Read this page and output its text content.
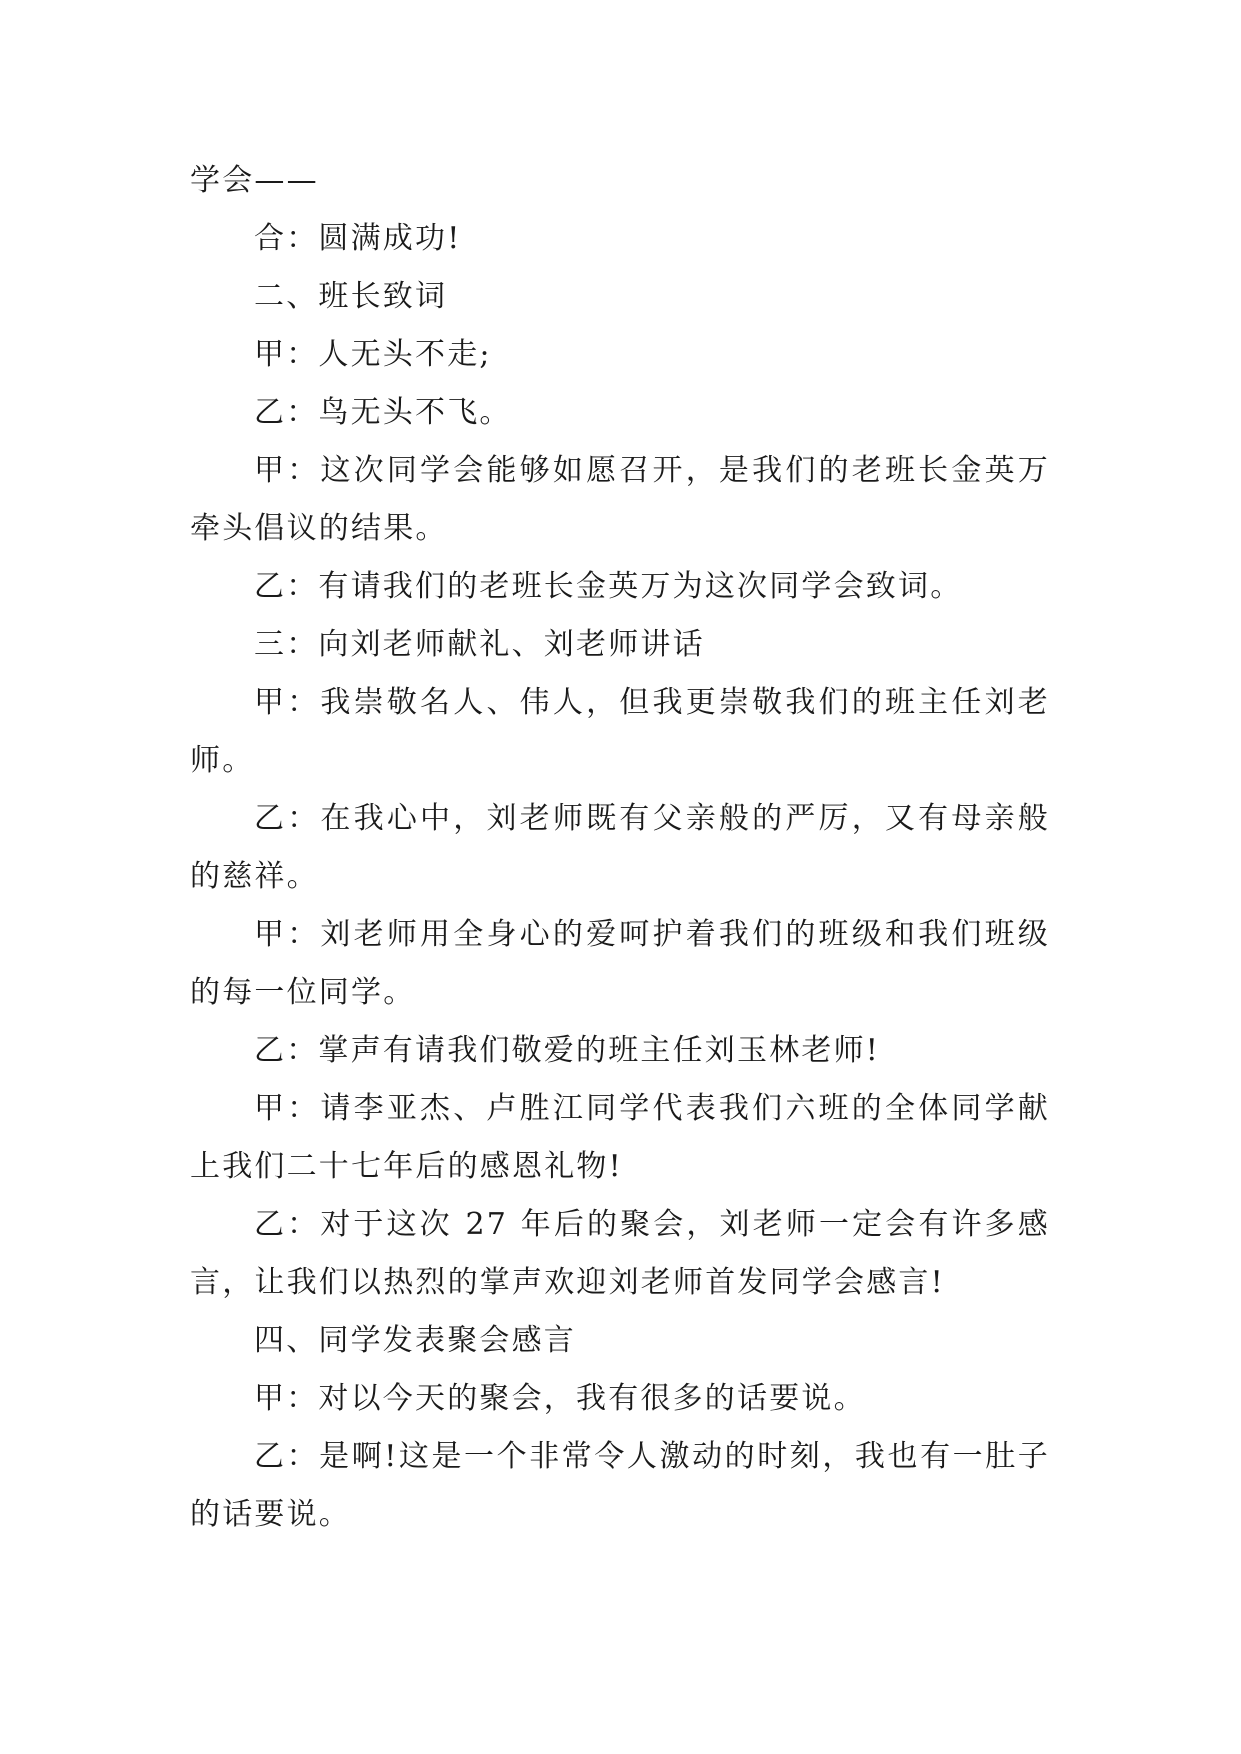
学会——

合：圆满成功!

二、班长致词

甲：人无头不走;

乙：鸟无头不飞。

甲：这次同学会能够如愿召开，是我们的老班长金英万牵头倡议的结果。

乙：有请我们的老班长金英万为这次同学会致词。

三：向刘老师献礼、刘老师讲话

甲：我崇敬名人、伟人，但我更崇敬我们的班主任刘老师。

乙：在我心中，刘老师既有父亲般的严厉，又有母亲般的慈祥。

甲：刘老师用全身心的爱呵护着我们的班级和我们班级的每一位同学。

乙：掌声有请我们敬爱的班主任刘玉林老师!

甲：请李亚杰、卢胜江同学代表我们六班的全体同学献上我们二十七年后的感恩礼物!

乙：对于这次 27 年后的聚会，刘老师一定会有许多感言，让我们以热烈的掌声欢迎刘老师首发同学会感言!

四、同学发表聚会感言

甲：对以今天的聚会，我有很多的话要说。

乙：是啊!这是一个非常令人激动的时刻，我也有一肚子的话要说。
